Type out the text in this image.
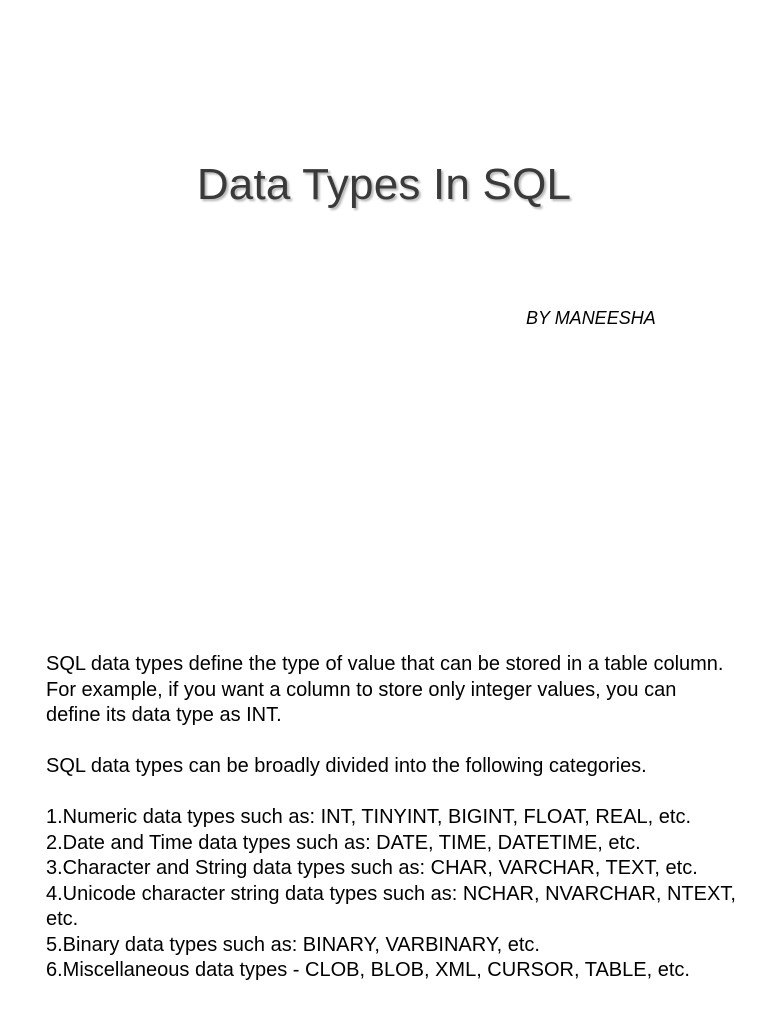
Data Types In SQL

BY MANEESHA

SQL data types define the type of value that can be stored in a table column. For example, if you want a column to store only integer values, you can define its data type as INT.

SQL data types can be broadly divided into the following categories.

1.Numeric data types such as: INT, TINYINT, BIGINT, FLOAT, REAL, etc.
2.Date and Time data types such as: DATE, TIME, DATETIME, etc.
3.Character and String data types such as: CHAR, VARCHAR, TEXT, etc.
4.Unicode character string data types such as: NCHAR, NVARCHAR, NTEXT, etc.
5.Binary data types such as: BINARY, VARBINARY, etc.
6.Miscellaneous data types - CLOB, BLOB, XML, CURSOR, TABLE, etc.
